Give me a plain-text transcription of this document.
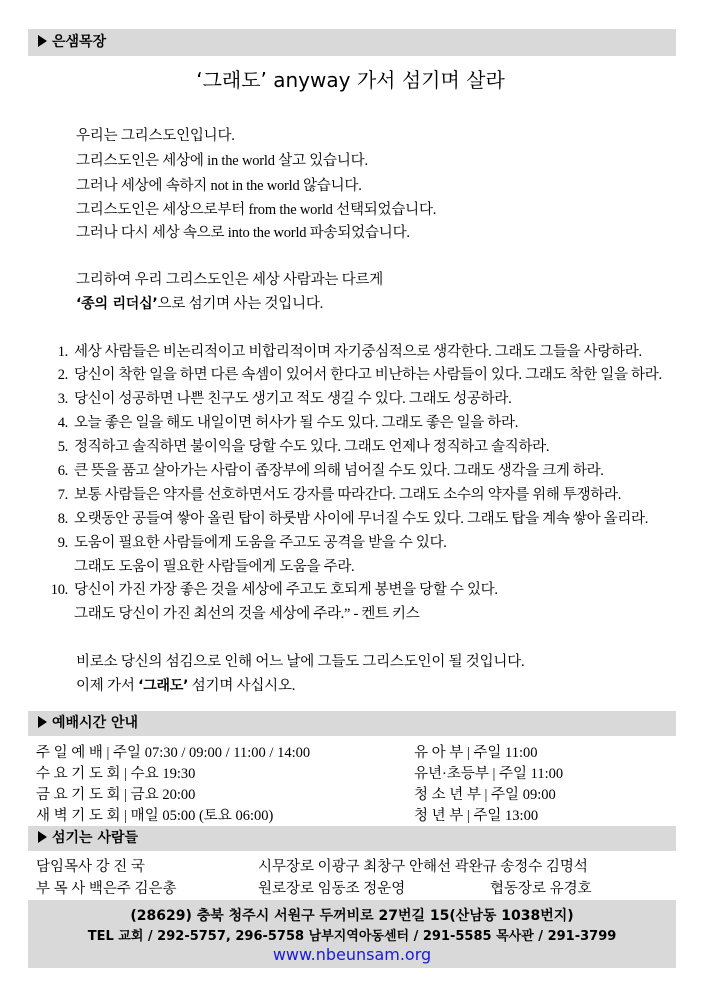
은샘목장
‘그래도’ anyway 가서 섬기며 살라
우리는 그리스도인입니다.
그리스도인은 세상에 in the world 살고 있습니다.
그러나 세상에 속하지 not in the world 않습니다.
그리스도인은 세상으로부터 from the world 선택되었습니다.
그러나 다시 세상 속으로 into the world 파송되었습니다.
그리하여 우리 그리스도인은 세상 사람과는 다르게
‘종의 리더십’으로 섬기며 사는 것입니다.
1. 세상 사람들은 비논리적이고 비합리적이며 자기중심적으로 생각한다. 그래도 그들을 사랑하라.
2. 당신이 착한 일을 하면 다른 속셈이 있어서 한다고 비난하는 사람들이 있다. 그래도 착한 일을 하라.
3. 당신이 성공하면 나쁜 친구도 생기고 적도 생길 수 있다. 그래도 성공하라.
4. 오늘 좋은 일을 해도 내일이면 허사가 될 수도 있다. 그래도 좋은 일을 하라.
5. 정직하고 솔직하면 불이익을 당할 수도 있다. 그래도 언제나 정직하고 솔직하라.
6. 큰 뜻을 품고 살아가는 사람이 좁장부에 의해 넘어질 수도 있다. 그래도 생각을 크게 하라.
7. 보통 사람들은 약자를 선호하면서도 강자를 따라간다. 그래도 소수의 약자를 위해 투쟁하라.
8. 오랫동안 공들여 쌓아 올린 탑이 하룻밤 사이에 무너질 수도 있다. 그래도 탑을 계속 쌓아 올리라.
9. 도움이 필요한 사람들에게 도움을 주고도 공격을 받을 수 있다.
그래도 도움이 필요한 사람들에게 도움을 주라.
10. 당신이 가진 가장 좋은 것을 세상에 주고도 호되게 봉변을 당할 수 있다.
그래도 당신이 가진 최선의 것을 세상에 주라.” - 켄트 키스
비로소 당신의 섬김으로 인해 어느 날에 그들도 그리스도인이 될 것입니다.
이제 가서 ‘그래도’ 섬기며 사십시오.
예배시간 안내
주 일 예 배 | 주일 07:30 / 09:00 / 11:00 / 14:00
수 요 기 도 회 | 수요 19:30
금 요 기 도 회 | 금요 20:00
새 벽 기 도 회 | 매일 05:00 (토요 06:00)
유 아 부 | 주일 11:00
유년·초등부 | 주일 11:00
청 소 년 부 | 주일 09:00
청 년 부 | 주일 13:00
섬기는 사람들
담임목사 강 진 국	시무장로 이광구 최창구 안해선 곽완규 송정수 김명석
부 목 사 백은주 김은총	원로장로 임동조 정운영	협동장로 유경호
(28629) 충북 청주시 서원구 두꺼비로 27번길 15(산남동 1038번지)
TEL 교회 / 292-5757, 296-5758 남부지역아동센터 / 291-5585 목사관 / 291-3799
www.nbeunsam.org
